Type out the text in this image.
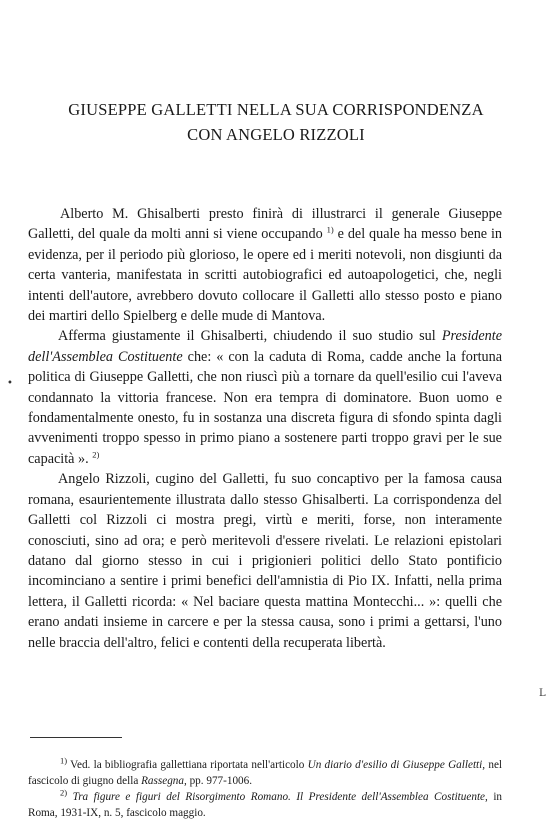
GIUSEPPE GALLETTI NELLA SUA CORRISPONDENZA
CON ANGELO RIZZOLI

Alberto M. Ghisalberti presto finirà di illustrarci il generale Giuseppe Galletti, del quale da molti anni si viene occupando $^{1)}$ e del quale ha messo bene in evidenza, per il periodo più glorioso, le opere ed i meriti notevoli, non disgiunti da certa vanteria, manifestata in scritti autobiografici ed autoapologetici, che, negli intenti dell'autore, avrebbero dovuto collocare il Galletti allo stesso posto e piano dei martiri dello Spielberg e delle mude di Mantova.

Afferma giustamente il Ghisalberti, chiudendo il suo studio sul Presidente dell'Assemblea Costituente che: « con la caduta di Roma, cadde anche la fortuna politica di Giuseppe Galletti, che non riuscì più a tornare da quell'esilio cui l'aveva condannato la vittoria francese. Non era tempra di dominatore. Buon uomo e fondamentalmente onesto, fu in sostanza una discreta figura di sfondo spinta dagli avvenimenti troppo spesso in primo piano a sostenere parti troppo gravi per le sue capacità ». $^{2)}$

Angelo Rizzoli, cugino del Galletti, fu suo concaptivo per la famosa causa romana, esaurientemente illustrata dallo stesso Ghisalberti. La corrispondenza del Galletti col Rizzoli ci mostra pregi, virtù e meriti, forse, non interamente conosciuti, sino ad ora; e però meritevoli d'essere rivelati. Le relazioni epistolari datano dal giorno stesso in cui i prigionieri politici dello Stato pontificio incominciano a sentire i primi benefici dell'amnistia di Pio IX. Infatti, nella prima lettera, il Galletti ricorda: « Nel baciare questa mattina Montecchi... »: quelli che erano andati insieme in carcere e per la stessa causa, sono i primi a gettarsi, l'uno nelle braccia dell'altro, felici e contenti della recuperata libertà.

$^{1)}$ Ved. la bibliografia gallettiana riportata nell'articolo Un diario d'esilio di Giuseppe Galletti, nel fascicolo di giugno della Rassegna, pp. 977-1006.

$^{2)}$ Tra figure e figuri del Risorgimento Romano. Il Presidente dell'Assemblea Costituente, in Roma, 1931-IX, n. 5, fascicolo maggio.

•
L
